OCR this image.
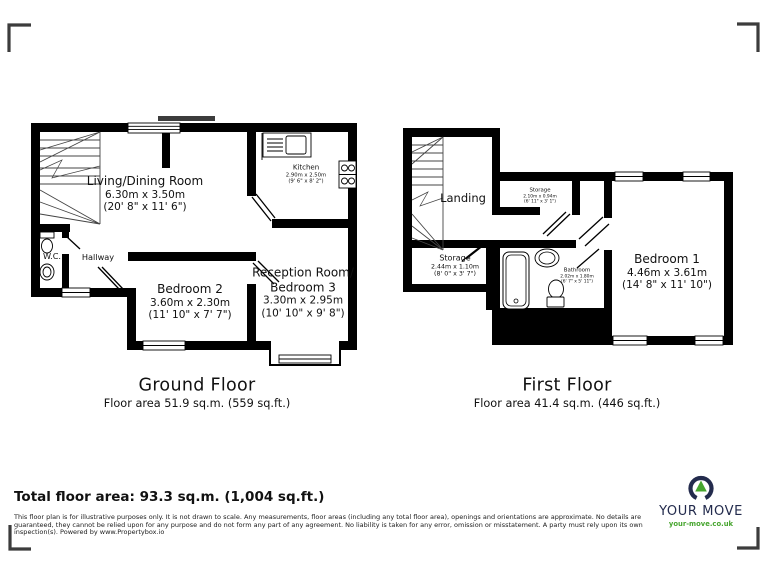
Living/Dining Room
6.30m x 3.50m
(20' 8" x 11' 6")
Kitchen
2.90m x 2.50m
(9' 6" x 8' 2")
W.C.	Hallway
Bedroom 2
3.60m x 2.30m
(11' 10" x 7' 7")
Reception Room/
Bedroom 3
3.30m x 2.95m
(10' 10" x 9' 8")
Landing
Storage
2.10m x 0.94m
(6' 11" x 3' 1")
Storage
2.44m x 1.10m
(8' 0" x 3' 7")
Bathroom
2.02m x 1.80m
(6' 7" x 5' 11")
Bedroom 1
4.46m x 3.61m
(14' 8" x 11' 10")
Ground Floor
Floor area 51.9 sq.m. (559 sq.ft.)
First Floor
Floor area 41.4 sq.m. (446 sq.ft.)
Total floor area: 93.3 sq.m. (1,004 sq.ft.)
This floor plan is for illustrative purposes only. It is not drawn to scale. Any measurements, floor areas (including any total floor area), openings and orientations are approximate. No details are
guaranteed, they cannot be relied upon for any purpose and do not form any part of any agreement. No liability is taken for any error, omission or misstatement. A party must rely upon its own
inspection(s). Powered by www.Propertybox.io
YOUR MOVE
your-move.co.uk
